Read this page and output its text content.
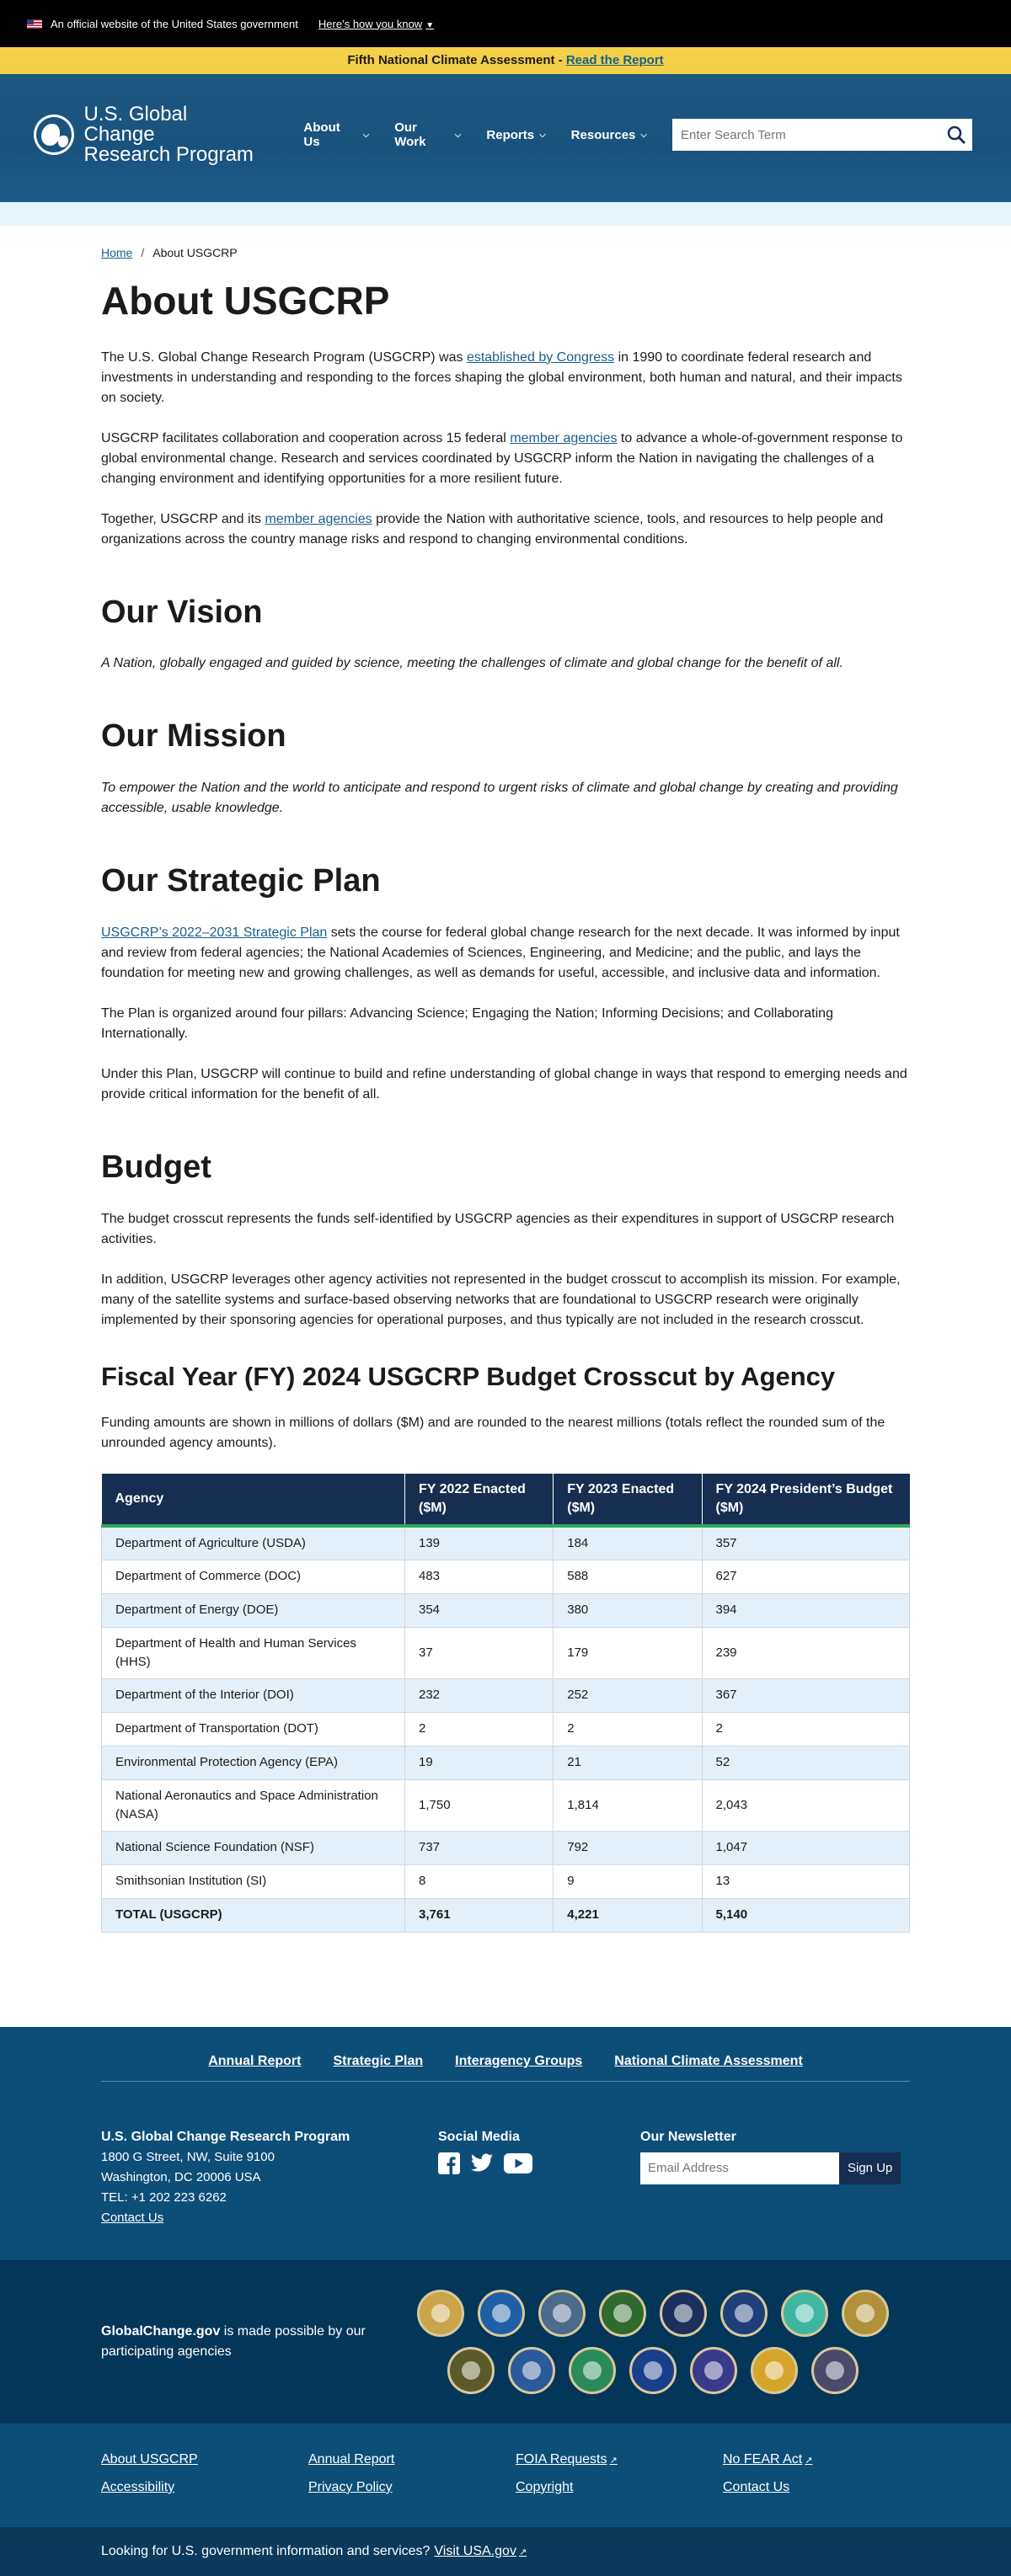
An official website of the United States government Here’s how you know ▼
Fifth National Climate Assessment - Read the Report
U.S. Global Change
Research Program
About Us	⌵ Our Work	⌵ Reports ⌵ Resources ⌵
Enter Search Term
Home / About USGCRP
About USGCRP

The U.S. Global Change Research Program (USGCRP) was established by Congress in 1990 to coordinate federal research and investments in understanding and responding to the forces shaping the global environment, both human and natural, and their impacts on society.

USGCRP facilitates collaboration and cooperation across 15 federal member agencies to advance a whole-of-government response to global environmental change. Research and services coordinated by USGCRP inform the Nation in navigating the challenges of a changing environment and identifying opportunities for a more resilient future.

Together, USGCRP and its member agencies provide the Nation with authoritative science, tools, and resources to help people and organizations across the country manage risks and respond to changing environmental conditions.

Our Vision

A Nation, globally engaged and guided by science, meeting the challenges of climate and global change for the benefit of all.

Our Mission

To empower the Nation and the world to anticipate and respond to urgent risks of climate and global change by creating and providing accessible, usable knowledge.

Our Strategic Plan

USGCRP’s 2022–2031 Strategic Plan sets the course for federal global change research for the next decade. It was informed by input and review from federal agencies; the National Academies of Sciences, Engineering, and Medicine; and the public, and lays the foundation for meeting new and growing challenges, as well as demands for useful, accessible, and inclusive data and information.

The Plan is organized around four pillars: Advancing Science; Engaging the Nation; Informing Decisions; and Collaborating Internationally.

Under this Plan, USGCRP will continue to build and refine understanding of global change in ways that respond to emerging needs and provide critical information for the benefit of all.

Budget

The budget crosscut represents the funds self-identified by USGCRP agencies as their expenditures in support of USGCRP research activities.

In addition, USGCRP leverages other agency activities not represented in the budget crosscut to accomplish its mission. For example, many of the satellite systems and surface-based observing networks that are foundational to USGCRP research were originally implemented by their sponsoring agencies for operational purposes, and thus typically are not included in the research crosscut.

Fiscal Year (FY) 2024 USGCRP Budget Crosscut by Agency

Funding amounts are shown in millions of dollars ($M) and are rounded to the nearest millions (totals reflect the rounded sum of the unrounded agency amounts).

Agency	FY 2022 Enacted ($M)	FY 2023 Enacted ($M)	FY 2024 President’s Budget ($M)
Department of Agriculture (USDA)	139	184	357
Department of Commerce (DOC)	483	588	627
Department of Energy (DOE)	354	380	394
Department of Health and Human Services (HHS)	37	179	239
Department of the Interior (DOI)	232	252	367
Department of Transportation (DOT)	2	2	2
Environmental Protection Agency (EPA)	19	21	52
National Aeronautics and Space Administration (NASA)	1,750	1,814	2,043
National Science Foundation (NSF)	737	792	1,047
Smithsonian Institution (SI)	8	9	13
TOTAL (USGCRP)	3,761	4,221	5,140
Annual Report Strategic Plan Interagency Groups National Climate Assessment
U.S. Global Change Research Program
1800 G Street, NW, Suite 9100
Washington, DC 20006 USA
TEL: +1 202 223 6262
Contact Us
Social Media	Our Newsletter
Email Address
Sign Up
GlobalChange.gov is made possible by our participating agencies
About USGCRP	Annual Report	FOIA Requests ↗	No FEAR Act ↗
Accessibility	Privacy Policy	Copyright	Contact Us
Looking for U.S. government information and services? Visit USA.gov ↗
